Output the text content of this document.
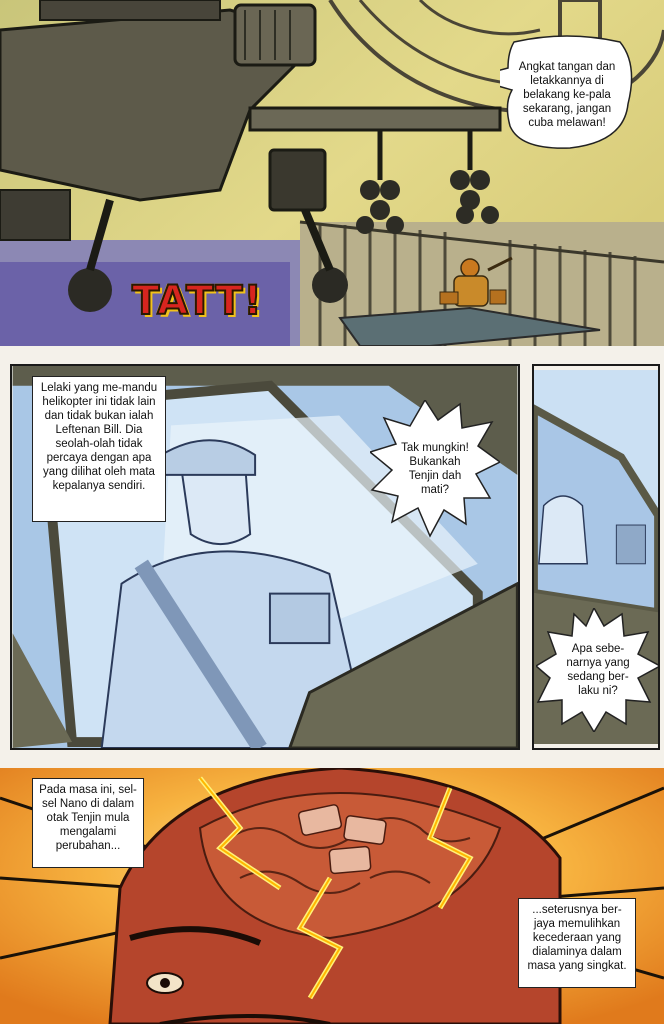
TATT!
Angkat tangan dan letakkannya di belakang ke-pala sekarang, jangan cuba melawan!
Lelaki yang me-mandu helikopter ini tidak lain dan tidak bukan ialah Leftenan Bill. Dia seolah-olah tidak percaya dengan apa yang dilihat oleh mata kepalanya sendiri.
Tak mungkin! Bukankah Tenjin dah mati?
Apa sebe-narnya yang sedang ber-laku ni?
Pada masa ini, sel-sel Nano di dalam otak Tenjin mula mengalami perubahan...
...seterusnya ber-jaya memulihkan kecederaan yang dialaminya dalam masa yang singkat.
